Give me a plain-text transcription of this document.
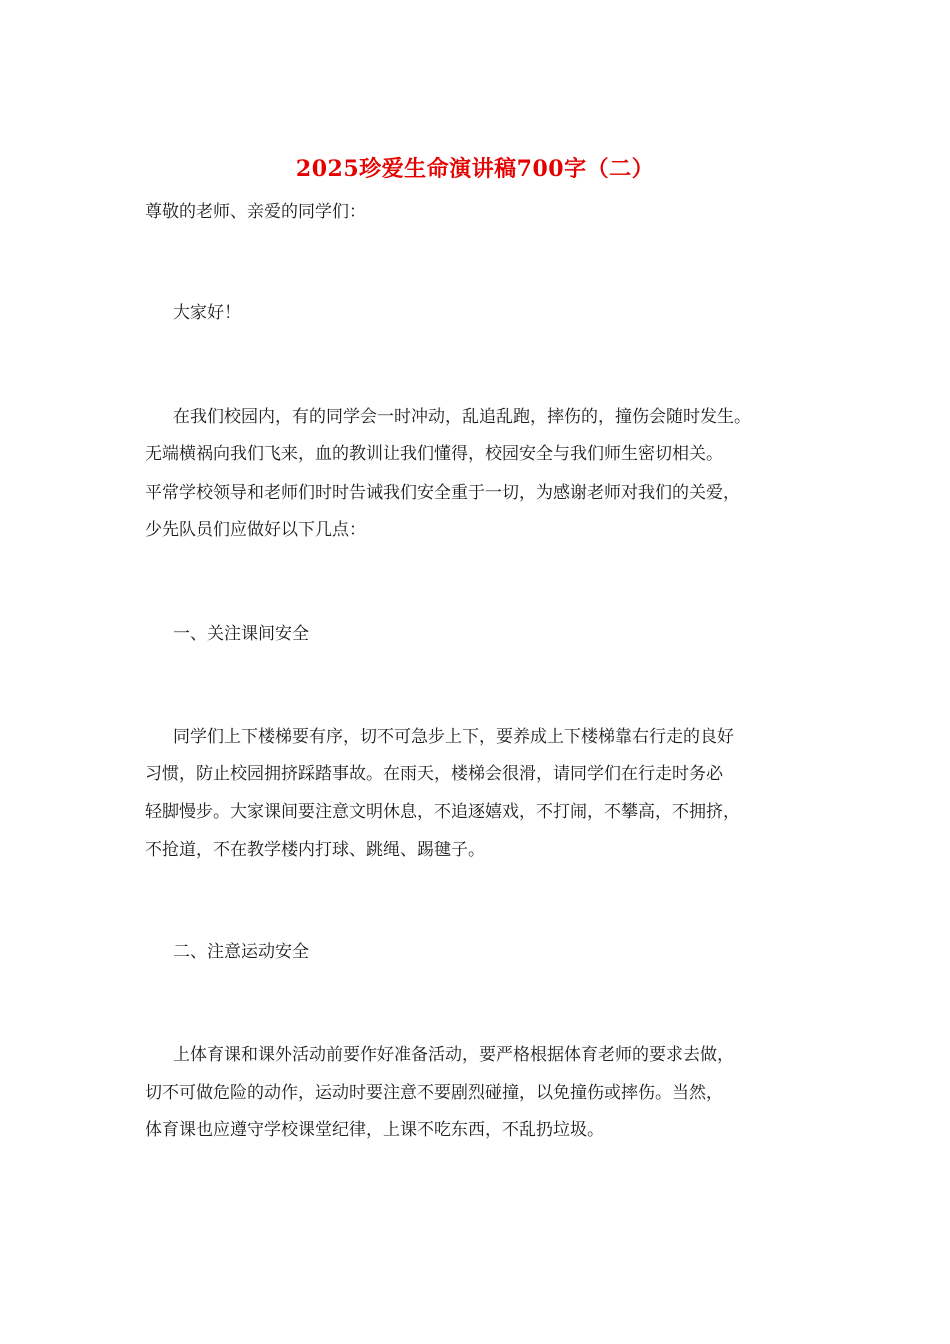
2025珍爱生命演讲稿700字（二）
尊敬的老师、亲爱的同学们：
大家好！
在我们校园内，有的同学会一时冲动，乱追乱跑，摔伤的，撞伤会随时发生。
无端横祸向我们飞来，血的教训让我们懂得，校园安全与我们师生密切相关。
平常学校领导和老师们时时告诫我们安全重于一切，为感谢老师对我们的关爱，
少先队员们应做好以下几点：
一、关注课间安全
同学们上下楼梯要有序，切不可急步上下，要养成上下楼梯靠右行走的良好
习惯，防止校园拥挤踩踏事故。在雨天，楼梯会很滑，请同学们在行走时务必
轻脚慢步。大家课间要注意文明休息，不追逐嬉戏，不打闹，不攀高，不拥挤，
不抢道，不在教学楼内打球、跳绳、踢毽子。
二、注意运动安全
上体育课和课外活动前要作好准备活动，要严格根据体育老师的要求去做，
切不可做危险的动作，运动时要注意不要剧烈碰撞，以免撞伤或摔伤。当然，
体育课也应遵守学校课堂纪律，上课不吃东西，不乱扔垃圾。
